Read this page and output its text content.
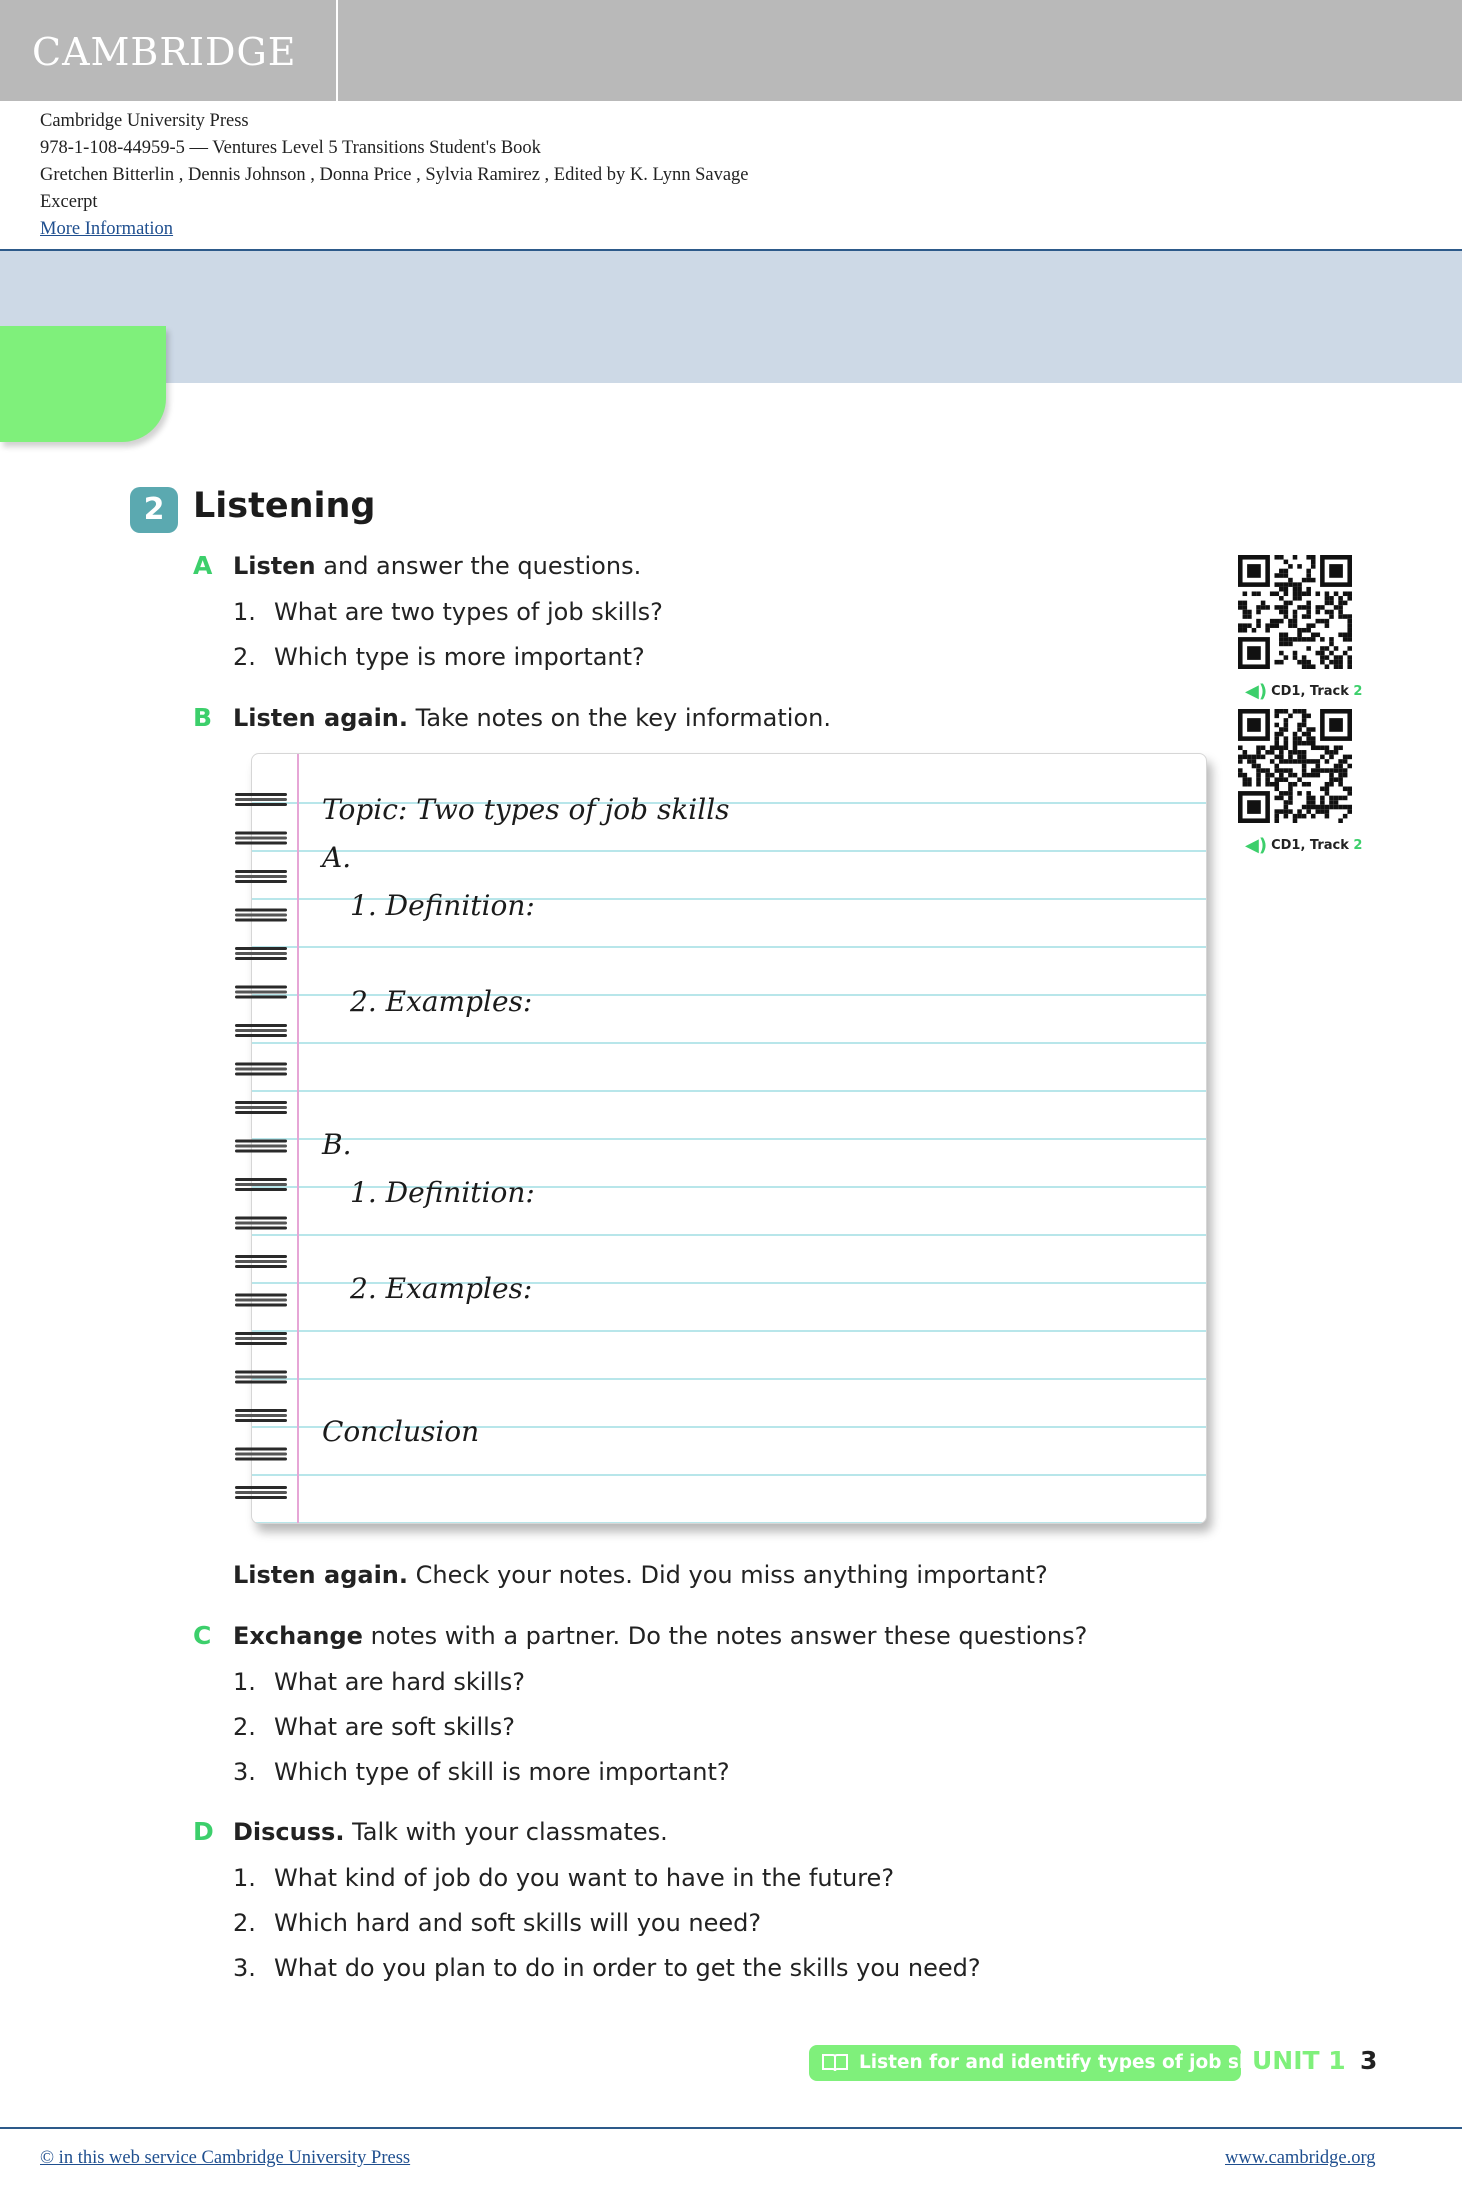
CAMBRIDGE
Cambridge University Press
978-1-108-44959-5 — Ventures Level 5 Transitions Student's Book
Gretchen Bitterlin , Dennis Johnson , Donna Price , Sylvia Ramirez , Edited by K. Lynn Savage
Excerpt
More Information
2 Listening
A Listen and answer the questions.
1. What are two types of job skills?
2. Which type is more important?
B Listen again. Take notes on the key information.
◀) CD1, Track 2
◀) CD1, Track 2
Topic: Two types of job skills
A.
1. Definition:
2. Examples:
B.
1. Definition:
2. Examples:
Conclusion
Listen again. Check your notes. Did you miss anything important?
C Exchange notes with a partner. Do the notes answer these questions?
1. What are hard skills?
2. What are soft skills?
3. Which type of skill is more important?
D Discuss. Talk with your classmates.
1. What kind of job do you want to have in the future?
2. Which hard and soft skills will you need?
3. What do you plan to do in order to get the skills you need?
Listen for and identify types of job skills
UNIT 1 3
© in this web service Cambridge University Press	www.cambridge.org
